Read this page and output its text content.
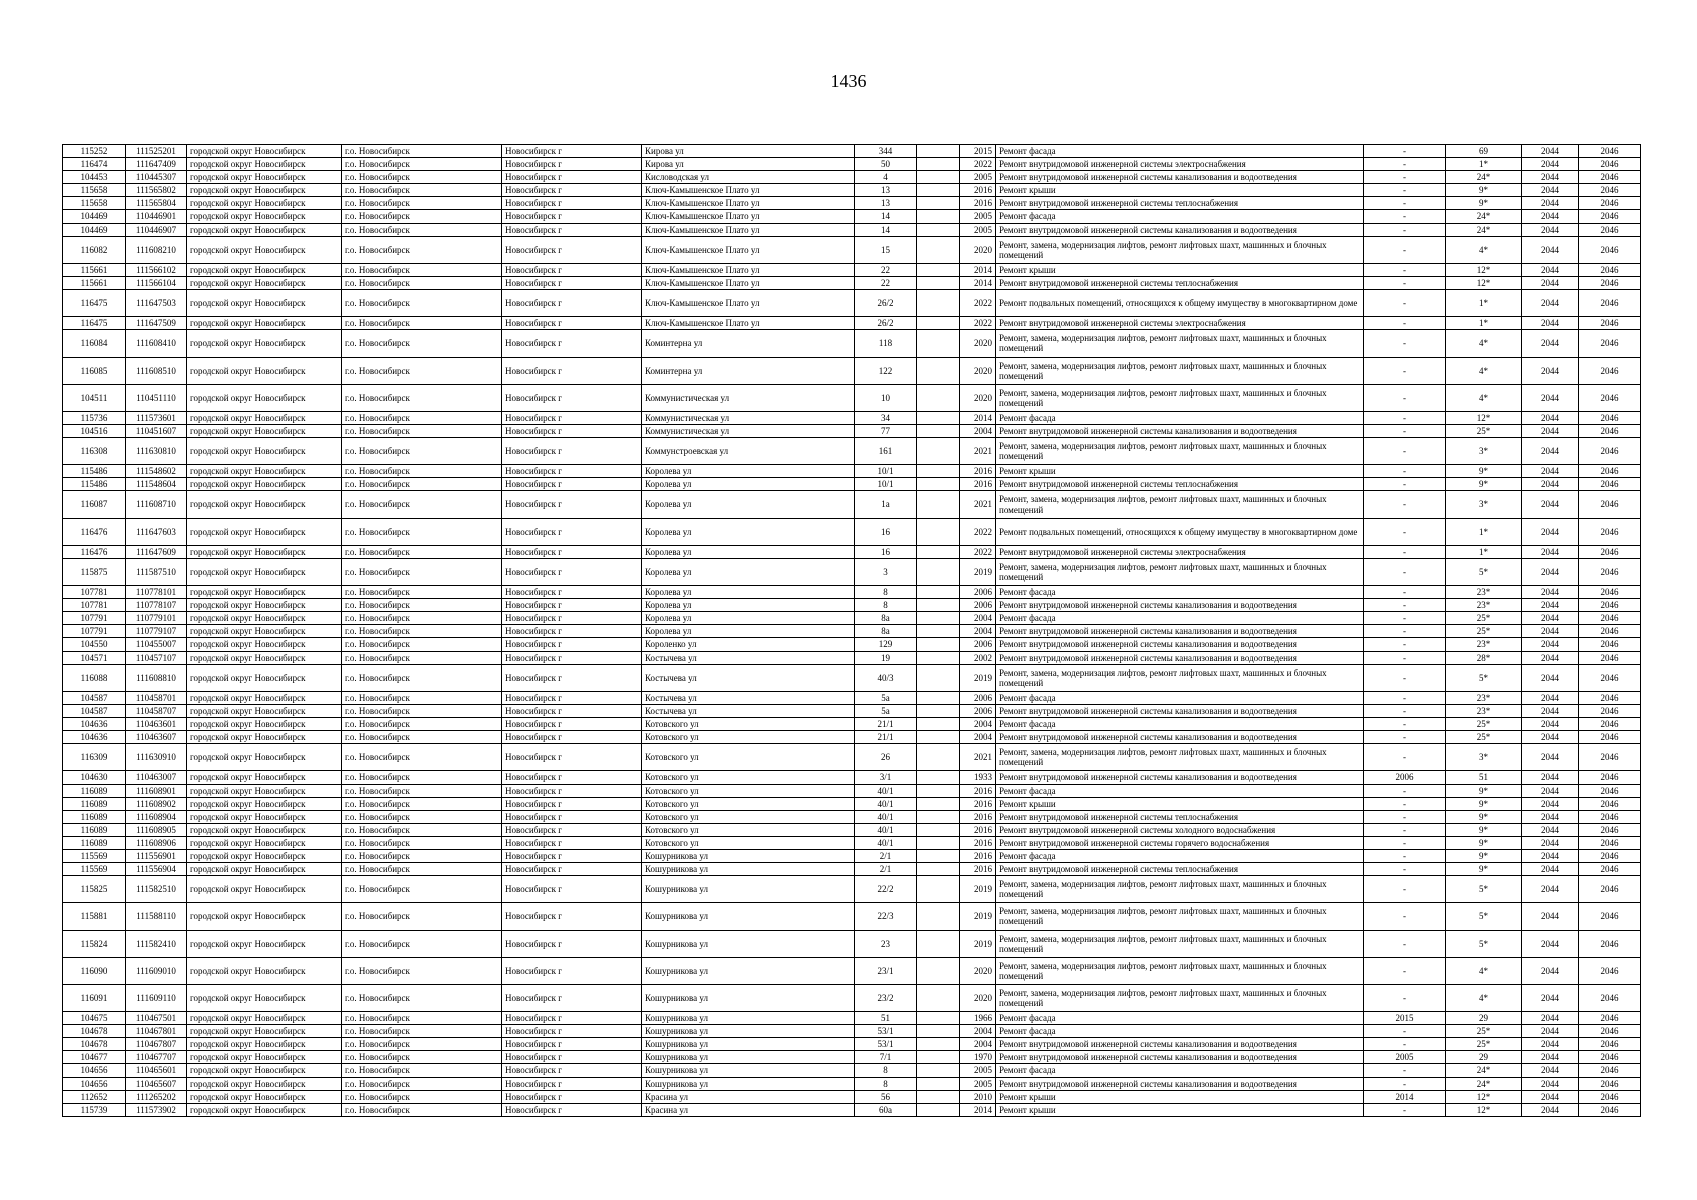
1436
115252	111525201	городской округ Новосибирск	г.о. Новосибирск	Новосибирск г	Кирова ул	344		2015	Ремонт фасада	-	69	2044	2046
116474	111647409	городской округ Новосибирск	г.о. Новосибирск	Новосибирск г	Кирова ул	50		2022	Ремонт внутридомовой инженерной системы электроснабжения	-	1*	2044	2046
104453	110445307	городской округ Новосибирск	г.о. Новосибирск	Новосибирск г	Кисловодская ул	4		2005	Ремонт внутридомовой инженерной системы канализования и водоотведения	-	24*	2044	2046
115658	111565802	городской округ Новосибирск	г.о. Новосибирск	Новосибирск г	Ключ-Камышенское Плато ул	13		2016	Ремонт крыши	-	9*	2044	2046
115658	111565804	городской округ Новосибирск	г.о. Новосибирск	Новосибирск г	Ключ-Камышенское Плато ул	13		2016	Ремонт внутридомовой инженерной системы теплоснабжения	-	9*	2044	2046
104469	110446901	городской округ Новосибирск	г.о. Новосибирск	Новосибирск г	Ключ-Камышенское Плато ул	14		2005	Ремонт фасада	-	24*	2044	2046
104469	110446907	городской округ Новосибирск	г.о. Новосибирск	Новосибирск г	Ключ-Камышенское Плато ул	14		2005	Ремонт внутридомовой инженерной системы канализования и водоотведения	-	24*	2044	2046
116082	111608210	городской округ Новосибирск	г.о. Новосибирск	Новосибирск г	Ключ-Камышенское Плато ул	15		2020	Ремонт, замена, модернизация лифтов, ремонт лифтовых шахт, машинных и блочных помещений	-	4*	2044	2046
115661	111566102	городской округ Новосибирск	г.о. Новосибирск	Новосибирск г	Ключ-Камышенское Плато ул	22		2014	Ремонт крыши	-	12*	2044	2046
115661	111566104	городской округ Новосибирск	г.о. Новосибирск	Новосибирск г	Ключ-Камышенское Плато ул	22		2014	Ремонт внутридомовой инженерной системы теплоснабжения	-	12*	2044	2046
116475	111647503	городской округ Новосибирск	г.о. Новосибирск	Новосибирск г	Ключ-Камышенское Плато ул	26/2		2022	Ремонт подвальных помещений, относящихся к общему имуществу в многоквартирном доме	-	1*	2044	2046
116475	111647509	городской округ Новосибирск	г.о. Новосибирск	Новосибирск г	Ключ-Камышенское Плато ул	26/2		2022	Ремонт внутридомовой инженерной системы электроснабжения	-	1*	2044	2046
116084	111608410	городской округ Новосибирск	г.о. Новосибирск	Новосибирск г	Коминтерна ул	118		2020	Ремонт, замена, модернизация лифтов, ремонт лифтовых шахт, машинных и блочных помещений	-	4*	2044	2046
116085	111608510	городской округ Новосибирск	г.о. Новосибирск	Новосибирск г	Коминтерна ул	122		2020	Ремонт, замена, модернизация лифтов, ремонт лифтовых шахт, машинных и блочных помещений	-	4*	2044	2046
104511	110451110	городской округ Новосибирск	г.о. Новосибирск	Новосибирск г	Коммунистическая ул	10		2020	Ремонт, замена, модернизация лифтов, ремонт лифтовых шахт, машинных и блочных помещений	-	4*	2044	2046
115736	111573601	городской округ Новосибирск	г.о. Новосибирск	Новосибирск г	Коммунистическая ул	34		2014	Ремонт фасада	-	12*	2044	2046
104516	110451607	городской округ Новосибирск	г.о. Новосибирск	Новосибирск г	Коммунистическая ул	77		2004	Ремонт внутридомовой инженерной системы канализования и водоотведения	-	25*	2044	2046
116308	111630810	городской округ Новосибирск	г.о. Новосибирск	Новосибирск г	Коммунстроевская ул	161		2021	Ремонт, замена, модернизация лифтов, ремонт лифтовых шахт, машинных и блочных помещений	-	3*	2044	2046
115486	111548602	городской округ Новосибирск	г.о. Новосибирск	Новосибирск г	Королева ул	10/1		2016	Ремонт крыши	-	9*	2044	2046
115486	111548604	городской округ Новосибирск	г.о. Новосибирск	Новосибирск г	Королева ул	10/1		2016	Ремонт внутридомовой инженерной системы теплоснабжения	-	9*	2044	2046
116087	111608710	городской округ Новосибирск	г.о. Новосибирск	Новосибирск г	Королева ул	1а		2021	Ремонт, замена, модернизация лифтов, ремонт лифтовых шахт, машинных и блочных помещений	-	3*	2044	2046
116476	111647603	городской округ Новосибирск	г.о. Новосибирск	Новосибирск г	Королева ул	16		2022	Ремонт подвальных помещений, относящихся к общему имуществу в многоквартирном доме	-	1*	2044	2046
116476	111647609	городской округ Новосибирск	г.о. Новосибирск	Новосибирск г	Королева ул	16		2022	Ремонт внутридомовой инженерной системы электроснабжения	-	1*	2044	2046
115875	111587510	городской округ Новосибирск	г.о. Новосибирск	Новосибирск г	Королева ул	3		2019	Ремонт, замена, модернизация лифтов, ремонт лифтовых шахт, машинных и блочных помещений	-	5*	2044	2046
107781	110778101	городской округ Новосибирск	г.о. Новосибирск	Новосибирск г	Королева ул	8		2006	Ремонт фасада	-	23*	2044	2046
107781	110778107	городской округ Новосибирск	г.о. Новосибирск	Новосибирск г	Королева ул	8		2006	Ремонт внутридомовой инженерной системы канализования и водоотведения	-	23*	2044	2046
107791	110779101	городской округ Новосибирск	г.о. Новосибирск	Новосибирск г	Королева ул	8а		2004	Ремонт фасада	-	25*	2044	2046
107791	110779107	городской округ Новосибирск	г.о. Новосибирск	Новосибирск г	Королева ул	8а		2004	Ремонт внутридомовой инженерной системы канализования и водоотведения	-	25*	2044	2046
104550	110455007	городской округ Новосибирск	г.о. Новосибирск	Новосибирск г	Короленко ул	129		2006	Ремонт внутридомовой инженерной системы канализования и водоотведения	-	23*	2044	2046
104571	110457107	городской округ Новосибирск	г.о. Новосибирск	Новосибирск г	Костычева ул	19		2002	Ремонт внутридомовой инженерной системы канализования и водоотведения	-	28*	2044	2046
116088	111608810	городской округ Новосибирск	г.о. Новосибирск	Новосибирск г	Костычева ул	40/3		2019	Ремонт, замена, модернизация лифтов, ремонт лифтовых шахт, машинных и блочных помещений	-	5*	2044	2046
104587	110458701	городской округ Новосибирск	г.о. Новосибирск	Новосибирск г	Костычева ул	5а		2006	Ремонт фасада	-	23*	2044	2046
104587	110458707	городской округ Новосибирск	г.о. Новосибирск	Новосибирск г	Костычева ул	5а		2006	Ремонт внутридомовой инженерной системы канализования и водоотведения	-	23*	2044	2046
104636	110463601	городской округ Новосибирск	г.о. Новосибирск	Новосибирск г	Котовского ул	21/1		2004	Ремонт фасада	-	25*	2044	2046
104636	110463607	городской округ Новосибирск	г.о. Новосибирск	Новосибирск г	Котовского ул	21/1		2004	Ремонт внутридомовой инженерной системы канализования и водоотведения	-	25*	2044	2046
116309	111630910	городской округ Новосибирск	г.о. Новосибирск	Новосибирск г	Котовского ул	26		2021	Ремонт, замена, модернизация лифтов, ремонт лифтовых шахт, машинных и блочных помещений	-	3*	2044	2046
104630	110463007	городской округ Новосибирск	г.о. Новосибирск	Новосибирск г	Котовского ул	3/1		1933	Ремонт внутридомовой инженерной системы канализования и водоотведения	2006	51	2044	2046
116089	111608901	городской округ Новосибирск	г.о. Новосибирск	Новосибирск г	Котовского ул	40/1		2016	Ремонт фасада	-	9*	2044	2046
116089	111608902	городской округ Новосибирск	г.о. Новосибирск	Новосибирск г	Котовского ул	40/1		2016	Ремонт крыши	-	9*	2044	2046
116089	111608904	городской округ Новосибирск	г.о. Новосибирск	Новосибирск г	Котовского ул	40/1		2016	Ремонт внутридомовой инженерной системы теплоснабжения	-	9*	2044	2046
116089	111608905	городской округ Новосибирск	г.о. Новосибирск	Новосибирск г	Котовского ул	40/1		2016	Ремонт внутридомовой инженерной системы холодного водоснабжения	-	9*	2044	2046
116089	111608906	городской округ Новосибирск	г.о. Новосибирск	Новосибирск г	Котовского ул	40/1		2016	Ремонт внутридомовой инженерной системы горячего водоснабжения	-	9*	2044	2046
115569	111556901	городской округ Новосибирск	г.о. Новосибирск	Новосибирск г	Кошурникова ул	2/1		2016	Ремонт фасада	-	9*	2044	2046
115569	111556904	городской округ Новосибирск	г.о. Новосибирск	Новосибирск г	Кошурникова ул	2/1		2016	Ремонт внутридомовой инженерной системы теплоснабжения	-	9*	2044	2046
115825	111582510	городской округ Новосибирск	г.о. Новосибирск	Новосибирск г	Кошурникова ул	22/2		2019	Ремонт, замена, модернизация лифтов, ремонт лифтовых шахт, машинных и блочных помещений	-	5*	2044	2046
115881	111588110	городской округ Новосибирск	г.о. Новосибирск	Новосибирск г	Кошурникова ул	22/3		2019	Ремонт, замена, модернизация лифтов, ремонт лифтовых шахт, машинных и блочных помещений	-	5*	2044	2046
115824	111582410	городской округ Новосибирск	г.о. Новосибирск	Новосибирск г	Кошурникова ул	23		2019	Ремонт, замена, модернизация лифтов, ремонт лифтовых шахт, машинных и блочных помещений	-	5*	2044	2046
116090	111609010	городской округ Новосибирск	г.о. Новосибирск	Новосибирск г	Кошурникова ул	23/1		2020	Ремонт, замена, модернизация лифтов, ремонт лифтовых шахт, машинных и блочных помещений	-	4*	2044	2046
116091	111609110	городской округ Новосибирск	г.о. Новосибирск	Новосибирск г	Кошурникова ул	23/2		2020	Ремонт, замена, модернизация лифтов, ремонт лифтовых шахт, машинных и блочных помещений	-	4*	2044	2046
104675	110467501	городской округ Новосибирск	г.о. Новосибирск	Новосибирск г	Кошурникова ул	51		1966	Ремонт фасада	2015	29	2044	2046
104678	110467801	городской округ Новосибирск	г.о. Новосибирск	Новосибирск г	Кошурникова ул	53/1		2004	Ремонт фасада	-	25*	2044	2046
104678	110467807	городской округ Новосибирск	г.о. Новосибирск	Новосибирск г	Кошурникова ул	53/1		2004	Ремонт внутридомовой инженерной системы канализования и водоотведения	-	25*	2044	2046
104677	110467707	городской округ Новосибирск	г.о. Новосибирск	Новосибирск г	Кошурникова ул	7/1		1970	Ремонт внутридомовой инженерной системы канализования и водоотведения	2005	29	2044	2046
104656	110465601	городской округ Новосибирск	г.о. Новосибирск	Новосибирск г	Кошурникова ул	8		2005	Ремонт фасада	-	24*	2044	2046
104656	110465607	городской округ Новосибирск	г.о. Новосибирск	Новосибирск г	Кошурникова ул	8		2005	Ремонт внутридомовой инженерной системы канализования и водоотведения	-	24*	2044	2046
112652	111265202	городской округ Новосибирск	г.о. Новосибирск	Новосибирск г	Красина ул	56		2010	Ремонт крыши	2014	12*	2044	2046
115739	111573902	городской округ Новосибирск	г.о. Новосибирск	Новосибирск г	Красина ул	60а		2014	Ремонт крыши	-	12*	2044	2046
